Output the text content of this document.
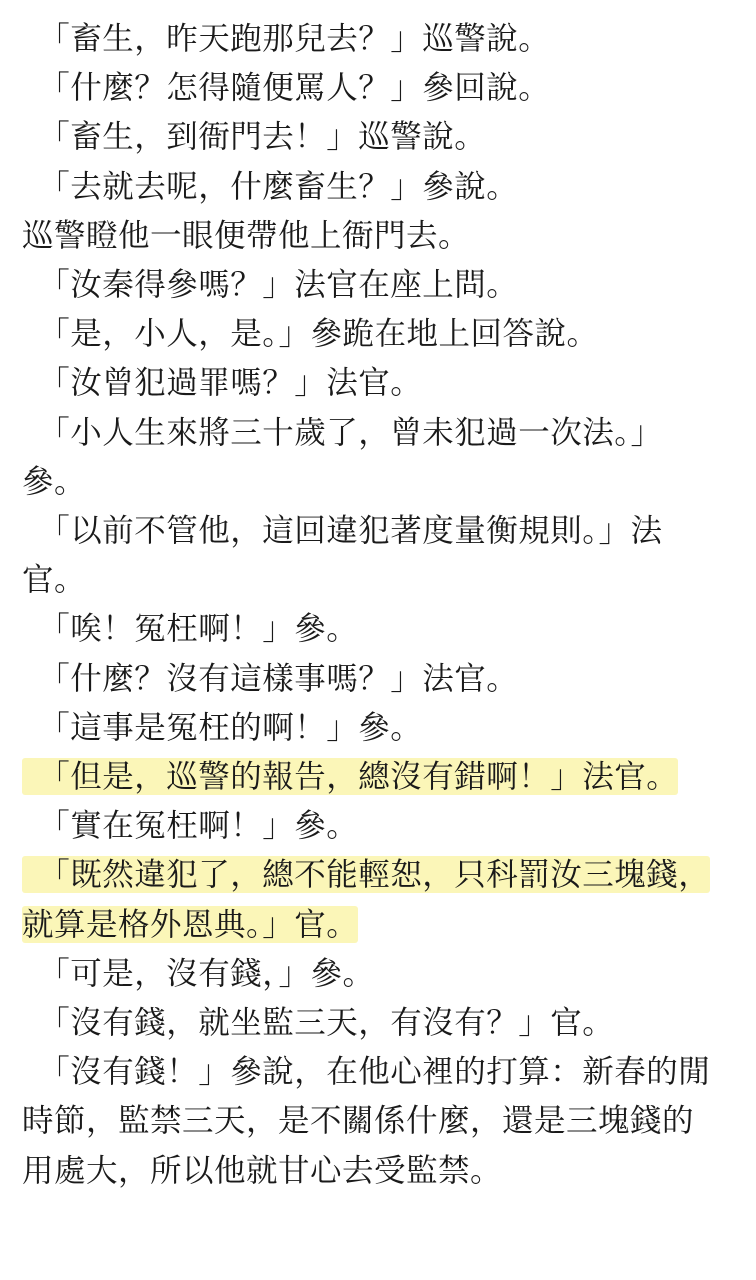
　「畜生，昨天跑那兒去？」巡警說。
　「什麼？怎得隨便罵人？」參回說。
　「畜生，到衙門去！」巡警說。
　「去就去呢，什麼畜生？」參說。
巡警瞪他一眼便帶他上衙門去。
　「汝秦得參嗎？」法官在座上問。
　「是，小人，是。」參跪在地上回答說。
　「汝曾犯過罪嗎？」法官。
　「小人生來將三十歲了，曾未犯過一次法。」
參。
　「以前不管他，這回違犯著度量衡規則。」法
官。
　「唉！冤枉啊！」參。
　「什麼？沒有這樣事嗎？」法官。
　「這事是冤枉的啊！」參。
　「但是，巡警的報告，總沒有錯啊！」法官。
　「實在冤枉啊！」參。
　「既然違犯了，總不能輕恕，只科罰汝三塊錢，
就算是格外恩典。」官。
　「可是，沒有錢，」參。
　「沒有錢，就坐監三天，有沒有？」官。
　「沒有錢！」參說，在他心裡的打算：新春的閒
時節，監禁三天，是不關係什麼，還是三塊錢的
用處大，所以他就甘心去受監禁。
